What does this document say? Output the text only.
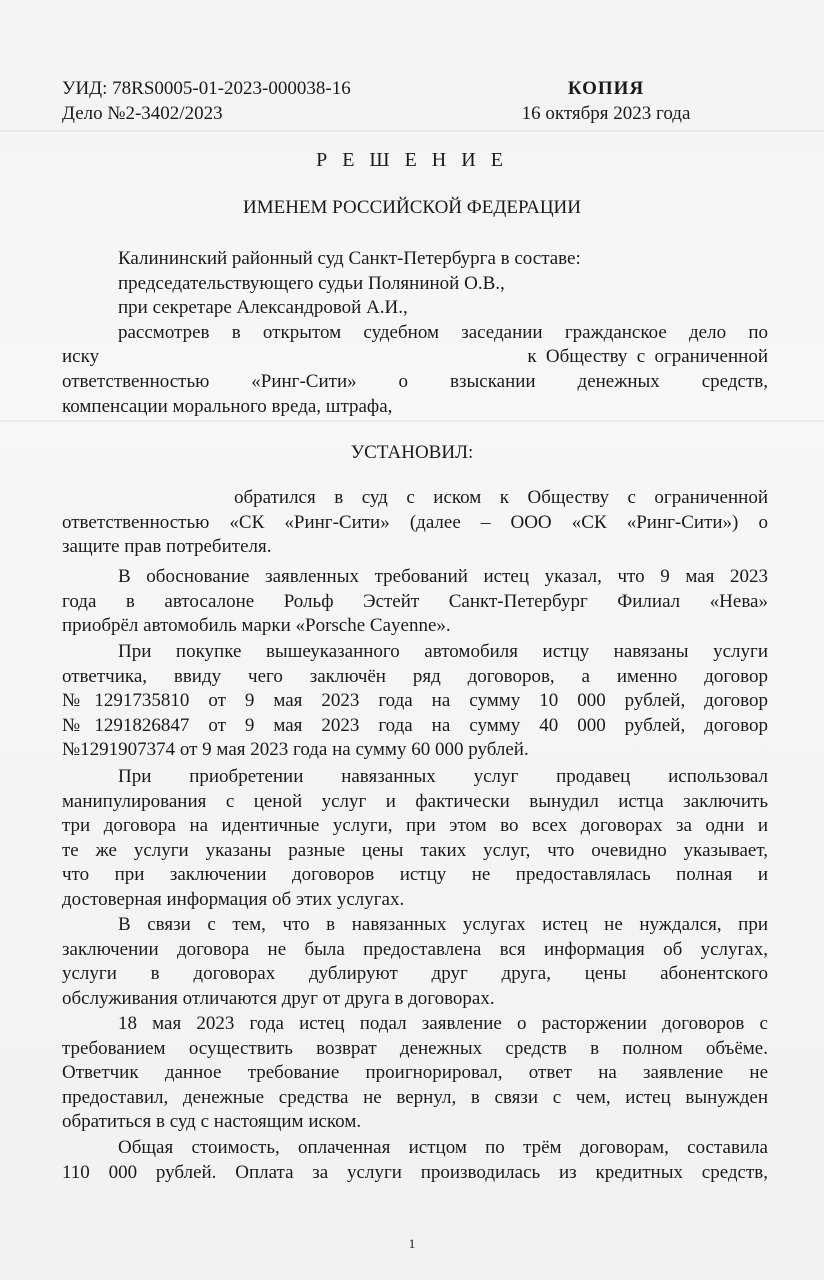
УИД: 78RS0005-01-2023-000038-16
Дело №2-3402/2023
КОПИЯ
16 октября 2023 года
Р Е Ш Е Н И Е
ИМЕНЕМ РОССИЙСКОЙ ФЕДЕРАЦИИ
Калининский районный суд Санкт-Петербурга в составе:
председательствующего судьи Поляниной О.В.,
при секретаре Александровой А.И.,
рассмотрев в открытом судебном заседании гражданское дело по
иску                                              к Обществу с ограниченной
ответственностью «Ринг-Сити» о взыскании денежных средств,
компенсации морального вреда, штрафа,
УСТАНОВИЛ:
обратился в суд с иском к Обществу с ограниченной
ответственностью «СК «Ринг-Сити» (далее – ООО «СК «Ринг-Сити») о
защите прав потребителя.
В обоснование заявленных требований истец указал, что 9 мая 2023
года в автосалоне Рольф Эстейт Санкт-Петербург Филиал «Нева»
приобрёл автомобиль марки «Porsche Cayenne».
При покупке вышеуказанного автомобиля истцу навязаны услуги
ответчика, ввиду чего заключён ряд договоров, а именно договор
№1291735810 от 9 мая 2023 года на сумму 10 000 рублей, договор
№1291826847 от 9 мая 2023 года на сумму 40 000 рублей, договор
№1291907374 от 9 мая 2023 года на сумму 60 000 рублей.
При приобретении навязанных услуг продавец использовал
манипулирования с ценой услуг и фактически вынудил истца заключить
три договора на идентичные услуги, при этом во всех договорах за одни и
те же услуги указаны разные цены таких услуг, что очевидно указывает,
что при заключении договоров истцу не предоставлялась полная и
достоверная информация об этих услугах.
В связи с тем, что в навязанных услугах истец не нуждался, при
заключении договора не была предоставлена вся информация об услугах,
услуги в договорах дублируют друг друга, цены абонентского
обслуживания отличаются друг от друга в договорах.
18 мая 2023 года истец подал заявление о расторжении договоров с
требованием осуществить возврат денежных средств в полном объёме.
Ответчик данное требование проигнорировал, ответ на заявление не
предоставил, денежные средства не вернул, в связи с чем, истец вынужден
обратиться в суд с настоящим иском.
Общая стоимость, оплаченная истцом по трём договорам, составила
110 000 рублей. Оплата за услуги производилась из кредитных средств,
1
